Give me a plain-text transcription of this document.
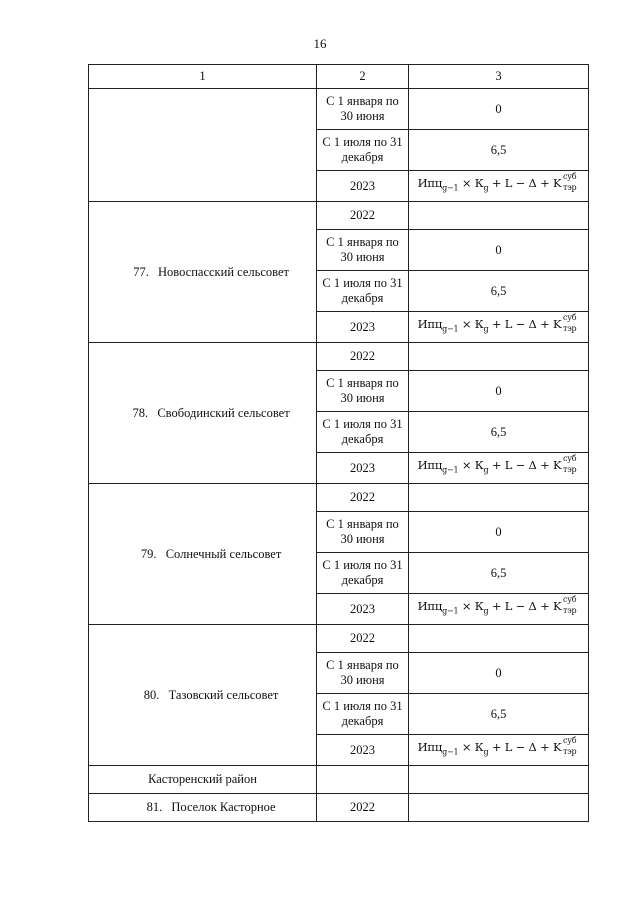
16
1	2	3
	С 1 января по
30 июня	0
	С 1 июля по 31
декабря	6,5
	2023	$Ипц_{g-1} \times К_g + L - \Delta + K$ суб
тэр

77. Новоспасский сельсовет	2022	
	С 1 января по
30 июня	0
	С 1 июля по 31
декабря	6,5
	2023	$Ипц_{g-1} \times К_g + L - \Delta + K$ суб
тэр

78. Свободинский сельсовет	2022	
	С 1 января по
30 июня	0
	С 1 июля по 31
декабря	6,5
	2023	$Ипц_{g-1} \times К_g + L - \Delta + K$ суб
тэр

79. Солнечный сельсовет	2022	
	С 1 января по
30 июня	0
	С 1 июля по 31
декабря	6,5
	2023	$Ипц_{g-1} \times К_g + L - \Delta + K$ суб
тэр

80. Тазовский сельсовет	2022	
	С 1 января по
30 июня	0
	С 1 июля по 31
декабря	6,5
	2023	$Ипц_{g-1} \times К_g + L - \Delta + K$ суб
тэр

Касторенский район		
81. Поселок Касторное	2022	
